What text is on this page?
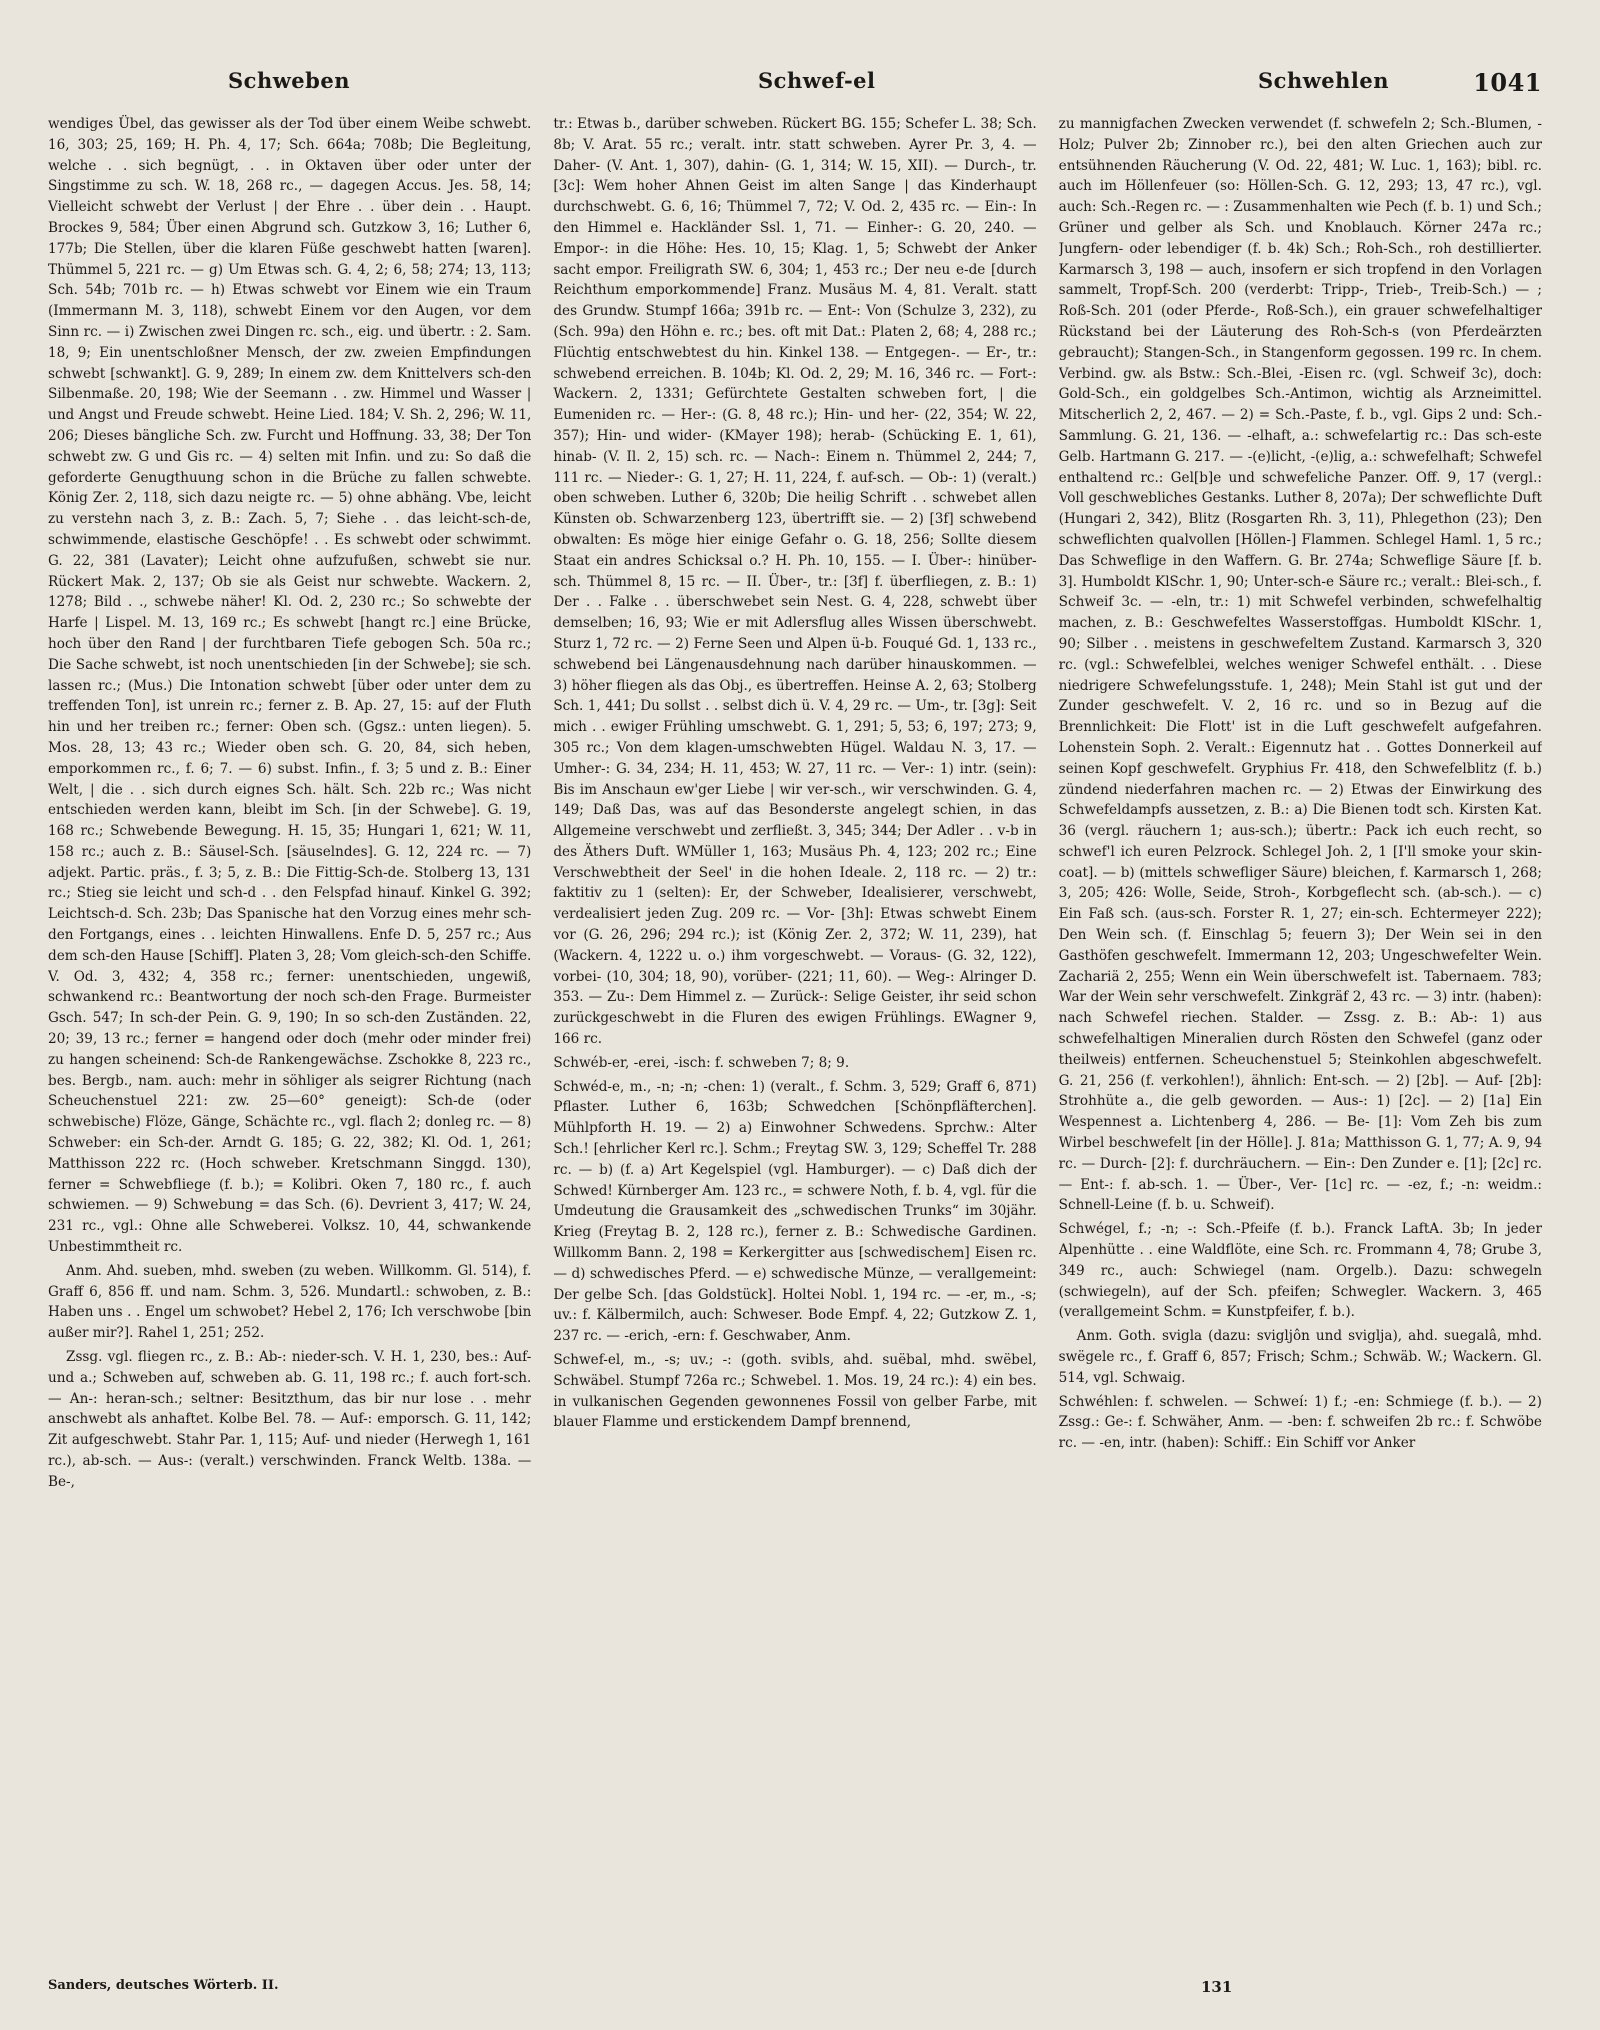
Schweben	Schwef-el	Schwehlen	1041

wendiges Übel, das gewisser als der Tod über einem Weibe schwebt. 16, 303; 25, 169; H. Ph. 4, 17; Sch. 664a; 708b; Die Begleitung, welche . . sich begnügt, . . in Oktaven über oder unter der Singstimme zu sch. W. 18, 268 rc., — dagegen Accus. Jes. 58, 14; Vielleicht schwebt der Verlust | der Ehre . . über dein . . Haupt. Brockes 9, 584; Über einen Abgrund sch. Gutzkow 3, 16; Luther 6, 177b; Die Stellen, über die klaren Füße geschwebt hatten [waren]. Thümmel 5, 221 rc. — g) Um Etwas sch. G. 4, 2; 6, 58; 274; 13, 113; Sch. 54b; 701b rc. — h) Etwas schwebt vor Einem wie ein Traum (Immermann M. 3, 118), schwebt Einem vor den Augen, vor dem Sinn rc. — i) Zwischen zwei Dingen rc. sch., eig. und übertr. : 2. Sam. 18, 9; Ein unentschloßner Mensch, der zw. zweien Empfindungen schwebt [schwankt]. G. 9, 289; In einem zw. dem Knittelvers sch-den Silbenmaße. 20, 198; Wie der Seemann . . zw. Himmel und Wasser | und Angst und Freude schwebt. Heine Lied. 184; V. Sh. 2, 296; W. 11, 206; Dieses bängliche Sch. zw. Furcht und Hoffnung. 33, 38; Der Ton schwebt zw. G und Gis rc. — 4) selten mit Infin. und zu: So daß die geforderte Genugthuung schon in die Brüche zu fallen schwebte. König Zer. 2, 118, sich dazu neigte rc. — 5) ohne abhäng. Vbe, leicht zu verstehn nach 3, z. B.: Zach. 5, 7; Siehe . . das leicht-sch-de, schwimmende, elastische Geschöpfe! . . Es schwebt oder schwimmt. G. 22, 381 (Lavater); Leicht ohne aufzufußen, schwebt sie nur. Rückert Mak. 2, 137; Ob sie als Geist nur schwebte. Wackern. 2, 1278; Bild . ., schwebe näher! Kl. Od. 2, 230 rc.; So schwebte der Harfe | Lispel. M. 13, 169 rc.; Es schwebt [hangt rc.] eine Brücke, hoch über den Rand | der furchtbaren Tiefe gebogen Sch. 50a rc.; Die Sache schwebt, ist noch unentschieden [in der Schwebe]; sie sch. lassen rc.; (Mus.) Die Intonation schwebt [über oder unter dem zu treffenden Ton], ist unrein rc.; ferner z. B. Ap. 27, 15: auf der Fluth hin und her treiben rc.; ferner: Oben sch. (Ggsz.: unten liegen). 5. Mos. 28, 13; 43 rc.; Wieder oben sch. G. 20, 84, sich heben, emporkommen rc., f. 6; 7. — 6) subst. Infin., f. 3; 5 und z. B.: Einer Welt, | die . . sich durch eignes Sch. hält. Sch. 22b rc.; Was nicht entschieden werden kann, bleibt im Sch. [in der Schwebe]. G. 19, 168 rc.; Schwebende Bewegung. H. 15, 35; Hungari 1, 621; W. 11, 158 rc.; auch z. B.: Säusel-Sch. [säuselndes]. G. 12, 224 rc. — 7) adjekt. Partic. präs., f. 3; 5, z. B.: Die Fittig-Sch-de. Stolberg 13, 131 rc.; Stieg sie leicht und sch-d . . den Felspfad hinauf. Kinkel G. 392; Leichtsch-d. Sch. 23b; Das Spanische hat den Vorzug eines mehr sch-den Fortgangs, eines . . leichten Hinwallens. Enfe D. 5, 257 rc.; Aus dem sch-den Hause [Schiff]. Platen 3, 28; Vom gleich-sch-den Schiffe. V. Od. 3, 432; 4, 358 rc.; ferner: unentschieden, ungewiß, schwankend rc.: Beantwortung der noch sch-den Frage. Burmeister Gsch. 547; In sch-der Pein. G. 9, 190; In so sch-den Zuständen. 22, 20; 39, 13 rc.; ferner = hangend oder doch (mehr oder minder frei) zu hangen scheinend: Sch-de Rankengewächse. Zschokke 8, 223 rc., bes. Bergb., nam. auch: mehr in söhliger als seigrer Richtung (nach Scheuchenstuel 221: zw. 25—60° geneigt): Sch-de (oder schwebische) Flöze, Gänge, Schächte rc., vgl. flach 2; donleg rc. — 8) Schweber: ein Sch-der. Arndt G. 185; G. 22, 382; Kl. Od. 1, 261; Matthisson 222 rc. (Hoch schweber. Kretschmann Singgd. 130), ferner = Schwebfliege (f. b.); = Kolibri. Oken 7, 180 rc., f. auch schwiemen. — 9) Schwebung = das Sch. (6). Devrient 3, 417; W. 24, 231 rc., vgl.: Ohne alle Schweberei. Volksz. 10, 44, schwankende Unbestimmtheit rc.

Anm. Ahd. sueben, mhd. sweben (zu weben. Willkomm. Gl. 514), f. Graff 6, 856 ff. und nam. Schm. 3, 526. Mundartl.: schwoben, z. B.: Haben uns . . Engel um schwobet? Hebel 2, 176; Ich verschwobe [bin außer mir?]. Rahel 1, 251; 252.

Zssg. vgl. fliegen rc., z. B.: Ab-: nieder-sch. V. H. 1, 230, bes.: Auf- und a.; Schweben auf, schweben ab. G. 11, 198 rc.; f. auch fort-sch. — An-: heran-sch.; seltner: Besitzthum, das bir nur lose . . mehr anschwebt als anhaftet. Kolbe Bel. 78. — Auf-: emporsch. G. 11, 142; Zit aufgeschwebt. Stahr Par. 1, 115; Auf- und nieder (Herwegh 1, 161 rc.), ab-sch. — Aus-: (veralt.) verschwinden. Franck Weltb. 138a. — Be-,

tr.: Etwas b., darüber schweben. Rückert BG. 155; Schefer L. 38; Sch. 8b; V. Arat. 55 rc.; veralt. intr. statt schweben. Ayrer Pr. 3, 4. — Daher- (V. Ant. 1, 307), dahin- (G. 1, 314; W. 15, XII). — Durch-, tr. [3c]: Wem hoher Ahnen Geist im alten Sange | das Kinderhaupt durchschwebt. G. 6, 16; Thümmel 7, 72; V. Od. 2, 435 rc. — Ein-: In den Himmel e. Hackländer Ssl. 1, 71. — Einher-: G. 20, 240. — Empor-: in die Höhe: Hes. 10, 15; Klag. 1, 5; Schwebt der Anker sacht empor. Freiligrath SW. 6, 304; 1, 453 rc.; Der neu e-de [durch Reichthum emporkommende] Franz. Musäus M. 4, 81. Veralt. statt des Grundw. Stumpf 166a; 391b rc. — Ent-: Von (Schulze 3, 232), zu (Sch. 99a) den Höhn e. rc.; bes. oft mit Dat.: Platen 2, 68; 4, 288 rc.; Flüchtig entschwebtest du hin. Kinkel 138. — Entgegen-. — Er-, tr.: schwebend erreichen. B. 104b; Kl. Od. 2, 29; M. 16, 346 rc. — Fort-: Wackern. 2, 1331; Gefürchtete Gestalten schweben fort, | die Eumeniden rc. — Her-: (G. 8, 48 rc.); Hin- und her- (22, 354; W. 22, 357); Hin- und wider- (KMayer 198); herab- (Schücking E. 1, 61), hinab- (V. Il. 2, 15) sch. rc. — Nach-: Einem n. Thümmel 2, 244; 7, 111 rc. — Nieder-: G. 1, 27; H. 11, 224, f. auf-sch. — Ob-: 1) (veralt.) oben schweben. Luther 6, 320b; Die heilig Schrift . . schwebet allen Künsten ob. Schwarzenberg 123, übertrifft sie. — 2) [3f] schwebend obwalten: Es möge hier einige Gefahr o. G. 18, 256; Sollte diesem Staat ein andres Schicksal o.? H. Ph. 10, 155. — I. Über-: hinüber-sch. Thümmel 8, 15 rc. — II. Über-, tr.: [3f] f. überfliegen, z. B.: 1) Der . . Falke . . überschwebet sein Nest. G. 4, 228, schwebt über demselben; 16, 93; Wie er mit Adlersflug alles Wissen überschwebt. Sturz 1, 72 rc. — 2) Ferne Seen und Alpen ü-b. Fouqué Gd. 1, 133 rc., schwebend bei Längenausdehnung nach darüber hinauskommen. — 3) höher fliegen als das Obj., es übertreffen. Heinse A. 2, 63; Stolberg Sch. 1, 441; Du sollst . . selbst dich ü. V. 4, 29 rc. — Um-, tr. [3g]: Seit mich . . ewiger Frühling umschwebt. G. 1, 291; 5, 53; 6, 197; 273; 9, 305 rc.; Von dem klagen-umschwebten Hügel. Waldau N. 3, 17. — Umher-: G. 34, 234; H. 11, 453; W. 27, 11 rc. — Ver-: 1) intr. (sein): Bis im Anschaun ew'ger Liebe | wir ver-sch., wir verschwinden. G. 4, 149; Daß Das, was auf das Besonderste angelegt schien, in das Allgemeine verschwebt und zerfließt. 3, 345; 344; Der Adler . . v-b in des Äthers Duft. WMüller 1, 163; Musäus Ph. 4, 123; 202 rc.; Eine Verschwebtheit der Seel' in die hohen Ideale. 2, 118 rc. — 2) tr.: faktitiv zu 1 (selten): Er, der Schweber, Idealisierer, verschwebt, verdealisiert jeden Zug. 209 rc. — Vor- [3h]: Etwas schwebt Einem vor (G. 26, 296; 294 rc.); ist (König Zer. 2, 372; W. 11, 239), hat (Wackern. 4, 1222 u. o.) ihm vorgeschwebt. — Voraus- (G. 32, 122), vorbei- (10, 304; 18, 90), vorüber- (221; 11, 60). — Weg-: Alringer D. 353. — Zu-: Dem Himmel z. — Zurück-: Selige Geister, ihr seid schon zurückgeschwebt in die Fluren des ewigen Frühlings. EWagner 9, 166 rc.

Schwéb-er, -erei, -isch: f. schweben 7; 8; 9.

Schwéd-e, m., -n; -n; -chen: 1) (veralt., f. Schm. 3, 529; Graff 6, 871) Pflaster. Luther 6, 163b; Schwedchen [Schönpfläfterchen]. Mühlpforth H. 19. — 2) a) Einwohner Schwedens. Sprchw.: Alter Sch.! [ehrlicher Kerl rc.]. Schm.; Freytag SW. 3, 129; Scheffel Tr. 288 rc. — b) (f. a) Art Kegelspiel (vgl. Hamburger). — c) Daß dich der Schwed! Kürnberger Am. 123 rc., = schwere Noth, f. b. 4, vgl. für die Umdeutung die Grausamkeit des „schwedischen Trunks“ im 30jähr. Krieg (Freytag B. 2, 128 rc.), ferner z. B.: Schwedische Gardinen. Willkomm Bann. 2, 198 = Kerkergitter aus [schwedischem] Eisen rc. — d) schwedisches Pferd. — e) schwedische Münze, — verallgemeint: Der gelbe Sch. [das Goldstück]. Holtei Nobl. 1, 194 rc. — -er, m., -s; uv.: f. Kälbermilch, auch: Schweser. Bode Empf. 4, 22; Gutzkow Z. 1, 237 rc. — -erich, -ern: f. Geschwaber, Anm.

Schwef-el, m., -s; uv.; -: (goth. svibls, ahd. suëbal, mhd. swëbel, Schwäbel. Stumpf 726a rc.; Schwebel. 1. Mos. 19, 24 rc.): 4) ein bes. in vulkanischen Gegenden gewonnenes Fossil von gelber Farbe, mit blauer Flamme und erstickendem Dampf brennend,

zu mannigfachen Zwecken verwendet (f. schwefeln 2; Sch.-Blumen, -Holz; Pulver 2b; Zinnober rc.), bei den alten Griechen auch zur entsühnenden Räucherung (V. Od. 22, 481; W. Luc. 1, 163); bibl. rc. auch im Höllenfeuer (so: Höllen-Sch. G. 12, 293; 13, 47 rc.), vgl. auch: Sch.-Regen rc. — : Zusammenhalten wie Pech (f. b. 1) und Sch.; Grüner und gelber als Sch. und Knoblauch. Körner 247a rc.; Jungfern- oder lebendiger (f. b. 4k) Sch.; Roh-Sch., roh destillierter. Karmarsch 3, 198 — auch, insofern er sich tropfend in den Vorlagen sammelt, Tropf-Sch. 200 (verderbt: Tripp-, Trieb-, Treib-Sch.) — ; Roß-Sch. 201 (oder Pferde-, Roß-Sch.), ein grauer schwefelhaltiger Rückstand bei der Läuterung des Roh-Sch-s (von Pferdeärzten gebraucht); Stangen-Sch., in Stangenform gegossen. 199 rc. In chem. Verbind. gw. als Bstw.: Sch.-Blei, -Eisen rc. (vgl. Schweif 3c), doch: Gold-Sch., ein goldgelbes Sch.-Antimon, wichtig als Arzneimittel. Mitscherlich 2, 2, 467. — 2) = Sch.-Paste, f. b., vgl. Gips 2 und: Sch.-Sammlung. G. 21, 136. — -elhaft, a.: schwefelartig rc.: Das sch-este Gelb. Hartmann G. 217. — -(e)licht, -(e)lig, a.: schwefelhaft; Schwefel enthaltend rc.: Gel[b]e und schwefeliche Panzer. Off. 9, 17 (vergl.: Voll geschwebliches Gestanks. Luther 8, 207a); Der schweflichte Duft (Hungari 2, 342), Blitz (Rosgarten Rh. 3, 11), Phlegethon (23); Den schweflichten qualvollen [Höllen-] Flammen. Schlegel Haml. 1, 5 rc.; Das Schweflige in den Waffern. G. Br. 274a; Schweflige Säure [f. b. 3]. Humboldt KlSchr. 1, 90; Unter-sch-e Säure rc.; veralt.: Blei-sch., f. Schweif 3c. — -eln, tr.: 1) mit Schwefel verbinden, schwefelhaltig machen, z. B.: Geschwefeltes Wasserstoffgas. Humboldt KlSchr. 1, 90; Silber . . meistens in geschwefeltem Zustand. Karmarsch 3, 320 rc. (vgl.: Schwefelblei, welches weniger Schwefel enthält. . . Diese niedrigere Schwefelungsstufe. 1, 248); Mein Stahl ist gut und der Zunder geschwefelt. V. 2, 16 rc. und so in Bezug auf die Brennlichkeit: Die Flott' ist in die Luft geschwefelt aufgefahren. Lohenstein Soph. 2. Veralt.: Eigennutz hat . . Gottes Donnerkeil auf seinen Kopf geschwefelt. Gryphius Fr. 418, den Schwefelblitz (f. b.) zündend niederfahren machen rc. — 2) Etwas der Einwirkung des Schwefeldampfs aussetzen, z. B.: a) Die Bienen todt sch. Kirsten Kat. 36 (vergl. räuchern 1; aus-sch.); übertr.: Pack ich euch recht, so schwef'l ich euren Pelzrock. Schlegel Joh. 2, 1 [I'll smoke your skin-coat]. — b) (mittels schwefliger Säure) bleichen, f. Karmarsch 1, 268; 3, 205; 426: Wolle, Seide, Stroh-, Korbgeflecht sch. (ab-sch.). — c) Ein Faß sch. (aus-sch. Forster R. 1, 27; ein-sch. Echtermeyer 222); Den Wein sch. (f. Einschlag 5; feuern 3); Der Wein sei in den Gasthöfen geschwefelt. Immermann 12, 203; Ungeschwefelter Wein. Zachariä 2, 255; Wenn ein Wein überschwefelt ist. Tabernaem. 783; War der Wein sehr verschwefelt. Zinkgräf 2, 43 rc. — 3) intr. (haben): nach Schwefel riechen. Stalder. — Zssg. z. B.: Ab-: 1) aus schwefelhaltigen Mineralien durch Rösten den Schwefel (ganz oder theilweis) entfernen. Scheuchenstuel 5; Steinkohlen abgeschwefelt. G. 21, 256 (f. verkohlen!), ähnlich: Ent-sch. — 2) [2b]. — Auf- [2b]: Strohhüte a., die gelb geworden. — Aus-: 1) [2c]. — 2) [1a] Ein Wespennest a. Lichtenberg 4, 286. — Be- [1]: Vom Zeh bis zum Wirbel beschwefelt [in der Hölle]. J. 81a; Matthisson G. 1, 77; A. 9, 94 rc. — Durch- [2]: f. durchräuchern. — Ein-: Den Zunder e. [1]; [2c] rc. — Ent-: f. ab-sch. 1. — Über-, Ver- [1c] rc. — -ez, f.; -n: weidm.: Schnell-Leine (f. b. u. Schweif).

Schwégel, f.; -n; -: Sch.-Pfeife (f. b.). Franck LaftA. 3b; In jeder Alpenhütte . . eine Waldflöte, eine Sch. rc. Frommann 4, 78; Grube 3, 349 rc., auch: Schwiegel (nam. Orgelb.). Dazu: schwegeln (schwiegeln), auf der Sch. pfeifen; Schwegler. Wackern. 3, 465 (verallgemeint Schm. = Kunstpfeifer, f. b.).

Anm. Goth. svigla (dazu: sviglјôn und sviglja), ahd. suegalâ, mhd. swëgele rc., f. Graff 6, 857; Frisch; Schm.; Schwäb. W.; Wackern. Gl. 514, vgl. Schwaig.

Schwéhlen: f. schwelen. — Schweí: 1) f.; -en: Schmiege (f. b.). — 2) Zssg.: Ge-: f. Schwäher, Anm. — -ben: f. schweifen 2b rc.: f. Schwöbe rc. — -en, intr. (haben): Schiff.: Ein Schiff vor Anker

Sanders, deutsches Wörterb. II.	131
